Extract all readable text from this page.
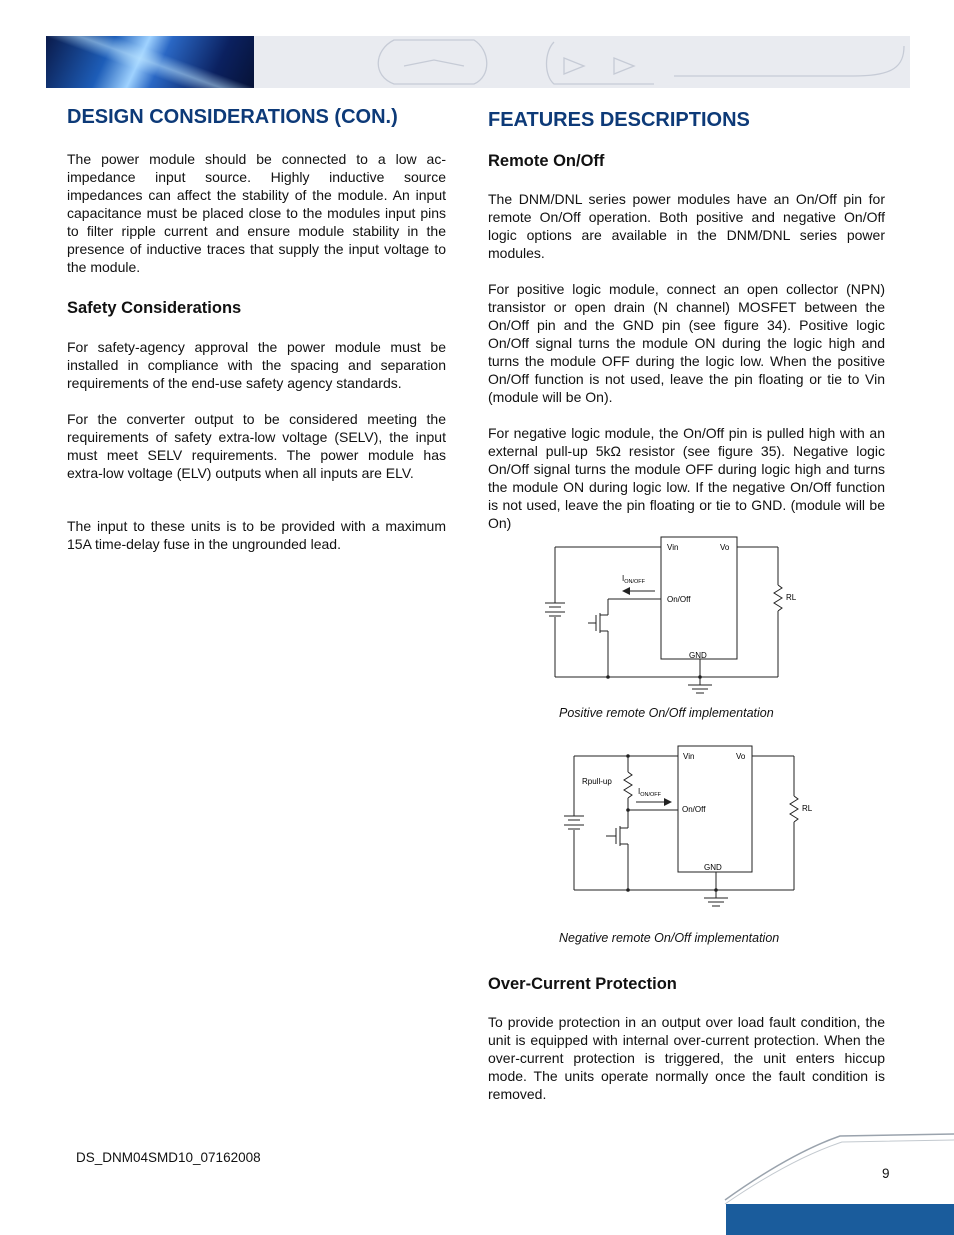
DESIGN CONSIDERATIONS (CON.)

The power module should be connected to a low ac-impedance input source. Highly inductive source impedances can affect the stability of the module. An input capacitance must be placed close to the modules input pins to filter ripple current and ensure module stability in the presence of inductive traces that supply the input voltage to the module.

Safety Considerations

For safety-agency approval the power module must be installed in compliance with the spacing and separation requirements of the end-use safety agency standards.

For the converter output to be considered meeting the requirements of safety extra-low voltage (SELV), the input must meet SELV requirements. The power module has extra-low voltage (ELV) outputs when all inputs are ELV.

The input to these units is to be provided with a maximum 15A time-delay fuse in the ungrounded lead.

FEATURES DESCRIPTIONS
Remote On/Off

The DNM/DNL series power modules have an On/Off pin for remote On/Off operation. Both positive and negative On/Off logic options are available in the DNM/DNL series power modules.

For positive logic module, connect an open collector (NPN) transistor or open drain (N channel) MOSFET between the On/Off pin and the GND pin (see figure 34). Positive logic On/Off signal turns the module ON during the logic high and turns the module OFF during the logic low. When the positive On/Off function is not used, leave the pin floating or tie to Vin (module will be On).

For negative logic module, the On/Off pin is pulled high with an external pull-up 5kΩ resistor (see figure 35). Negative logic On/Off signal turns the module OFF during logic high and turns the module ON during logic low. If the negative On/Off function is not used, leave the pin floating or tie to GND. (module will be On)

Vin	Vo
On/Off
GND
RL
$I_{ON/OFF}$
Positive remote On/Off implementation
Vin	Vo
On/Off
GND
RL
Rpull-up
$I_{ON/OFF}$
Negative remote On/Off implementation
Over-Current Protection

To provide protection in an output over load fault condition, the unit is equipped with internal over-current protection. When the over-current protection is triggered, the unit enters hiccup mode. The units operate normally once the fault condition is removed.

DS_DNM04SMD10_07162008
9
